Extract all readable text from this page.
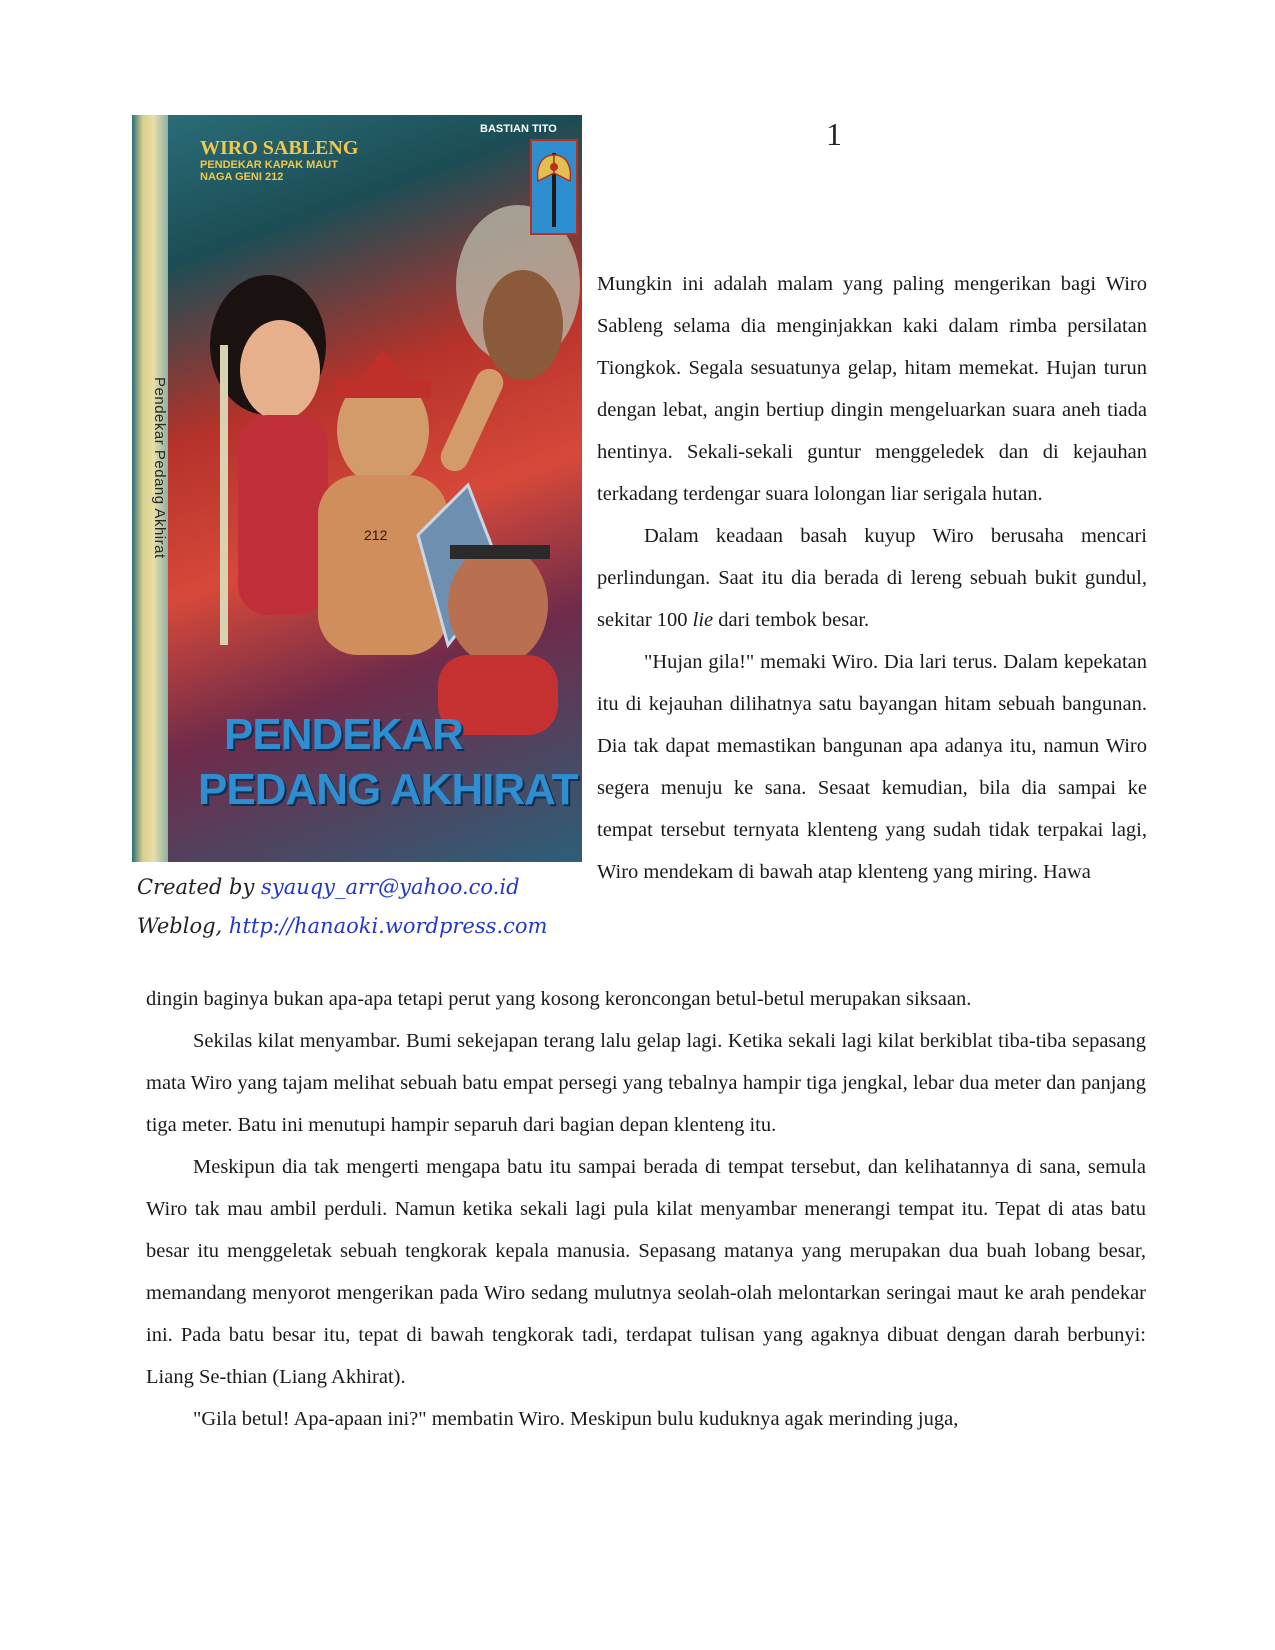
Pendekar Pedang Akhirat	212
BASTIAN TITO
WIRO SABLENG
PENDEKAR KAPAK MAUT
NAGA GENI 212
PENDEKAR
PEDANG AKHIRAT
Created by syauqy_arr@yahoo.co.id
Weblog, http://hanaoki.wordpress.com
1

Mungkin ini adalah malam yang paling mengerikan bagi Wiro Sableng selama dia menginjakkan kaki dalam rimba persilatan Tiongkok. Segala sesuatunya gelap, hitam memekat. Hujan turun dengan lebat, angin bertiup dingin mengeluarkan suara aneh tiada hentinya. Sekali-sekali guntur menggeledek dan di kejauhan terkadang terdengar suara lolongan liar serigala hutan.

Dalam keadaan basah kuyup Wiro berusaha mencari perlindungan. Saat itu dia berada di lereng sebuah bukit gundul, sekitar 100 lie dari tembok besar.

"Hujan gila!" memaki Wiro. Dia lari terus. Dalam kepekatan itu di kejauhan dilihatnya satu bayangan hitam sebuah bangunan. Dia tak dapat memastikan bangunan apa adanya itu, namun Wiro segera menuju ke sana. Sesaat kemudian, bila dia sampai ke tempat tersebut ternyata klenteng yang sudah tidak terpakai lagi, Wiro mendekam di bawah atap klenteng yang miring. Hawa

dingin baginya bukan apa-apa tetapi perut yang kosong keroncongan betul-betul merupakan siksaan.

Sekilas kilat menyambar. Bumi sekejapan terang lalu gelap lagi. Ketika sekali lagi kilat berkiblat tiba-tiba sepasang mata Wiro yang tajam melihat sebuah batu empat persegi yang tebalnya hampir tiga jengkal, lebar dua meter dan panjang tiga meter. Batu ini menutupi hampir separuh dari bagian depan klenteng itu.

Meskipun dia tak mengerti mengapa batu itu sampai berada di tempat tersebut, dan kelihatannya di sana, semula Wiro tak mau ambil perduli. Namun ketika sekali lagi pula kilat menyambar menerangi tempat itu. Tepat di atas batu besar itu menggeletak sebuah tengkorak kepala manusia. Sepasang matanya yang merupakan dua buah lobang besar, memandang menyorot mengerikan pada Wiro sedang mulutnya seolah-olah melontarkan seringai maut ke arah pendekar ini. Pada batu besar itu, tepat di bawah tengkorak tadi, terdapat tulisan yang agaknya dibuat dengan darah berbunyi: Liang Se-thian (Liang Akhirat).

"Gila betul! Apa-apaan ini?" membatin Wiro. Meskipun bulu kuduknya agak merinding juga,
